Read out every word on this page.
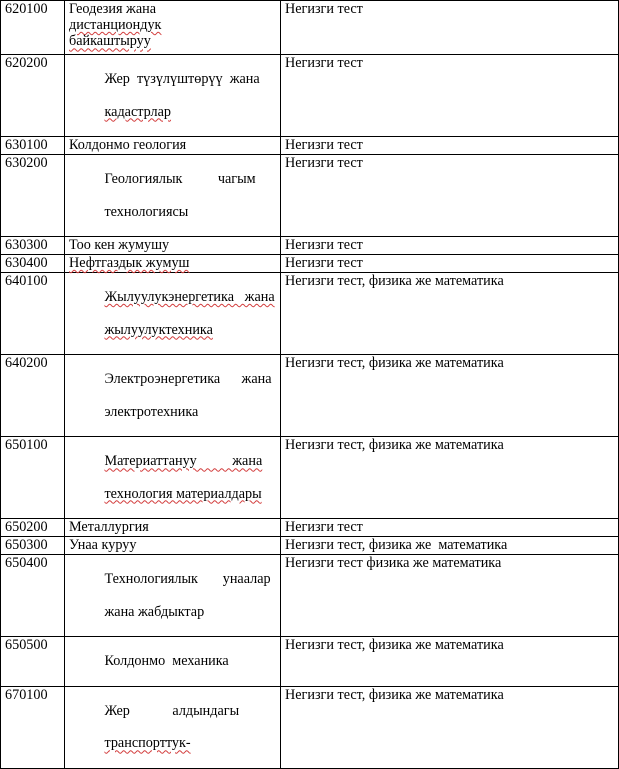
620100	Геодезия жана
дистанциондук
байкаштыруу	Негизги тест
620200	Жер  түзүлүштөрүү  жана

кадастрлар	Негизги тест
630100	Колдонмо геология	Негизги тест
630200	Геологиялык          чагым

технологиясы	Негизги тест
630300	Тоо кен жумушу	Негизги тест
630400	Нефтгаздык жумуш	Негизги тест
640100	Жылуулукэнергетика   жана

жылуулуктехника	Негизги тест, физика же математика
640200	Электроэнергетика      жана

электротехника	Негизги тест, физика же математика
650100	Материаттануу          жана

технология материалдары	Негизги тест, физика же математика
650200	Металлургия	Негизги тест
650300	Унаа куруу	Негизги тест, физика же  математика
650400	Технологиялык       унаалар

жана жабдыктар	Негизги тест физика же математика
650500	Колдонмо  механика	Негизги тест, физика же математика
670100	Жер            алдындагы

транспорттук-	Негизги тест, физика же математика
